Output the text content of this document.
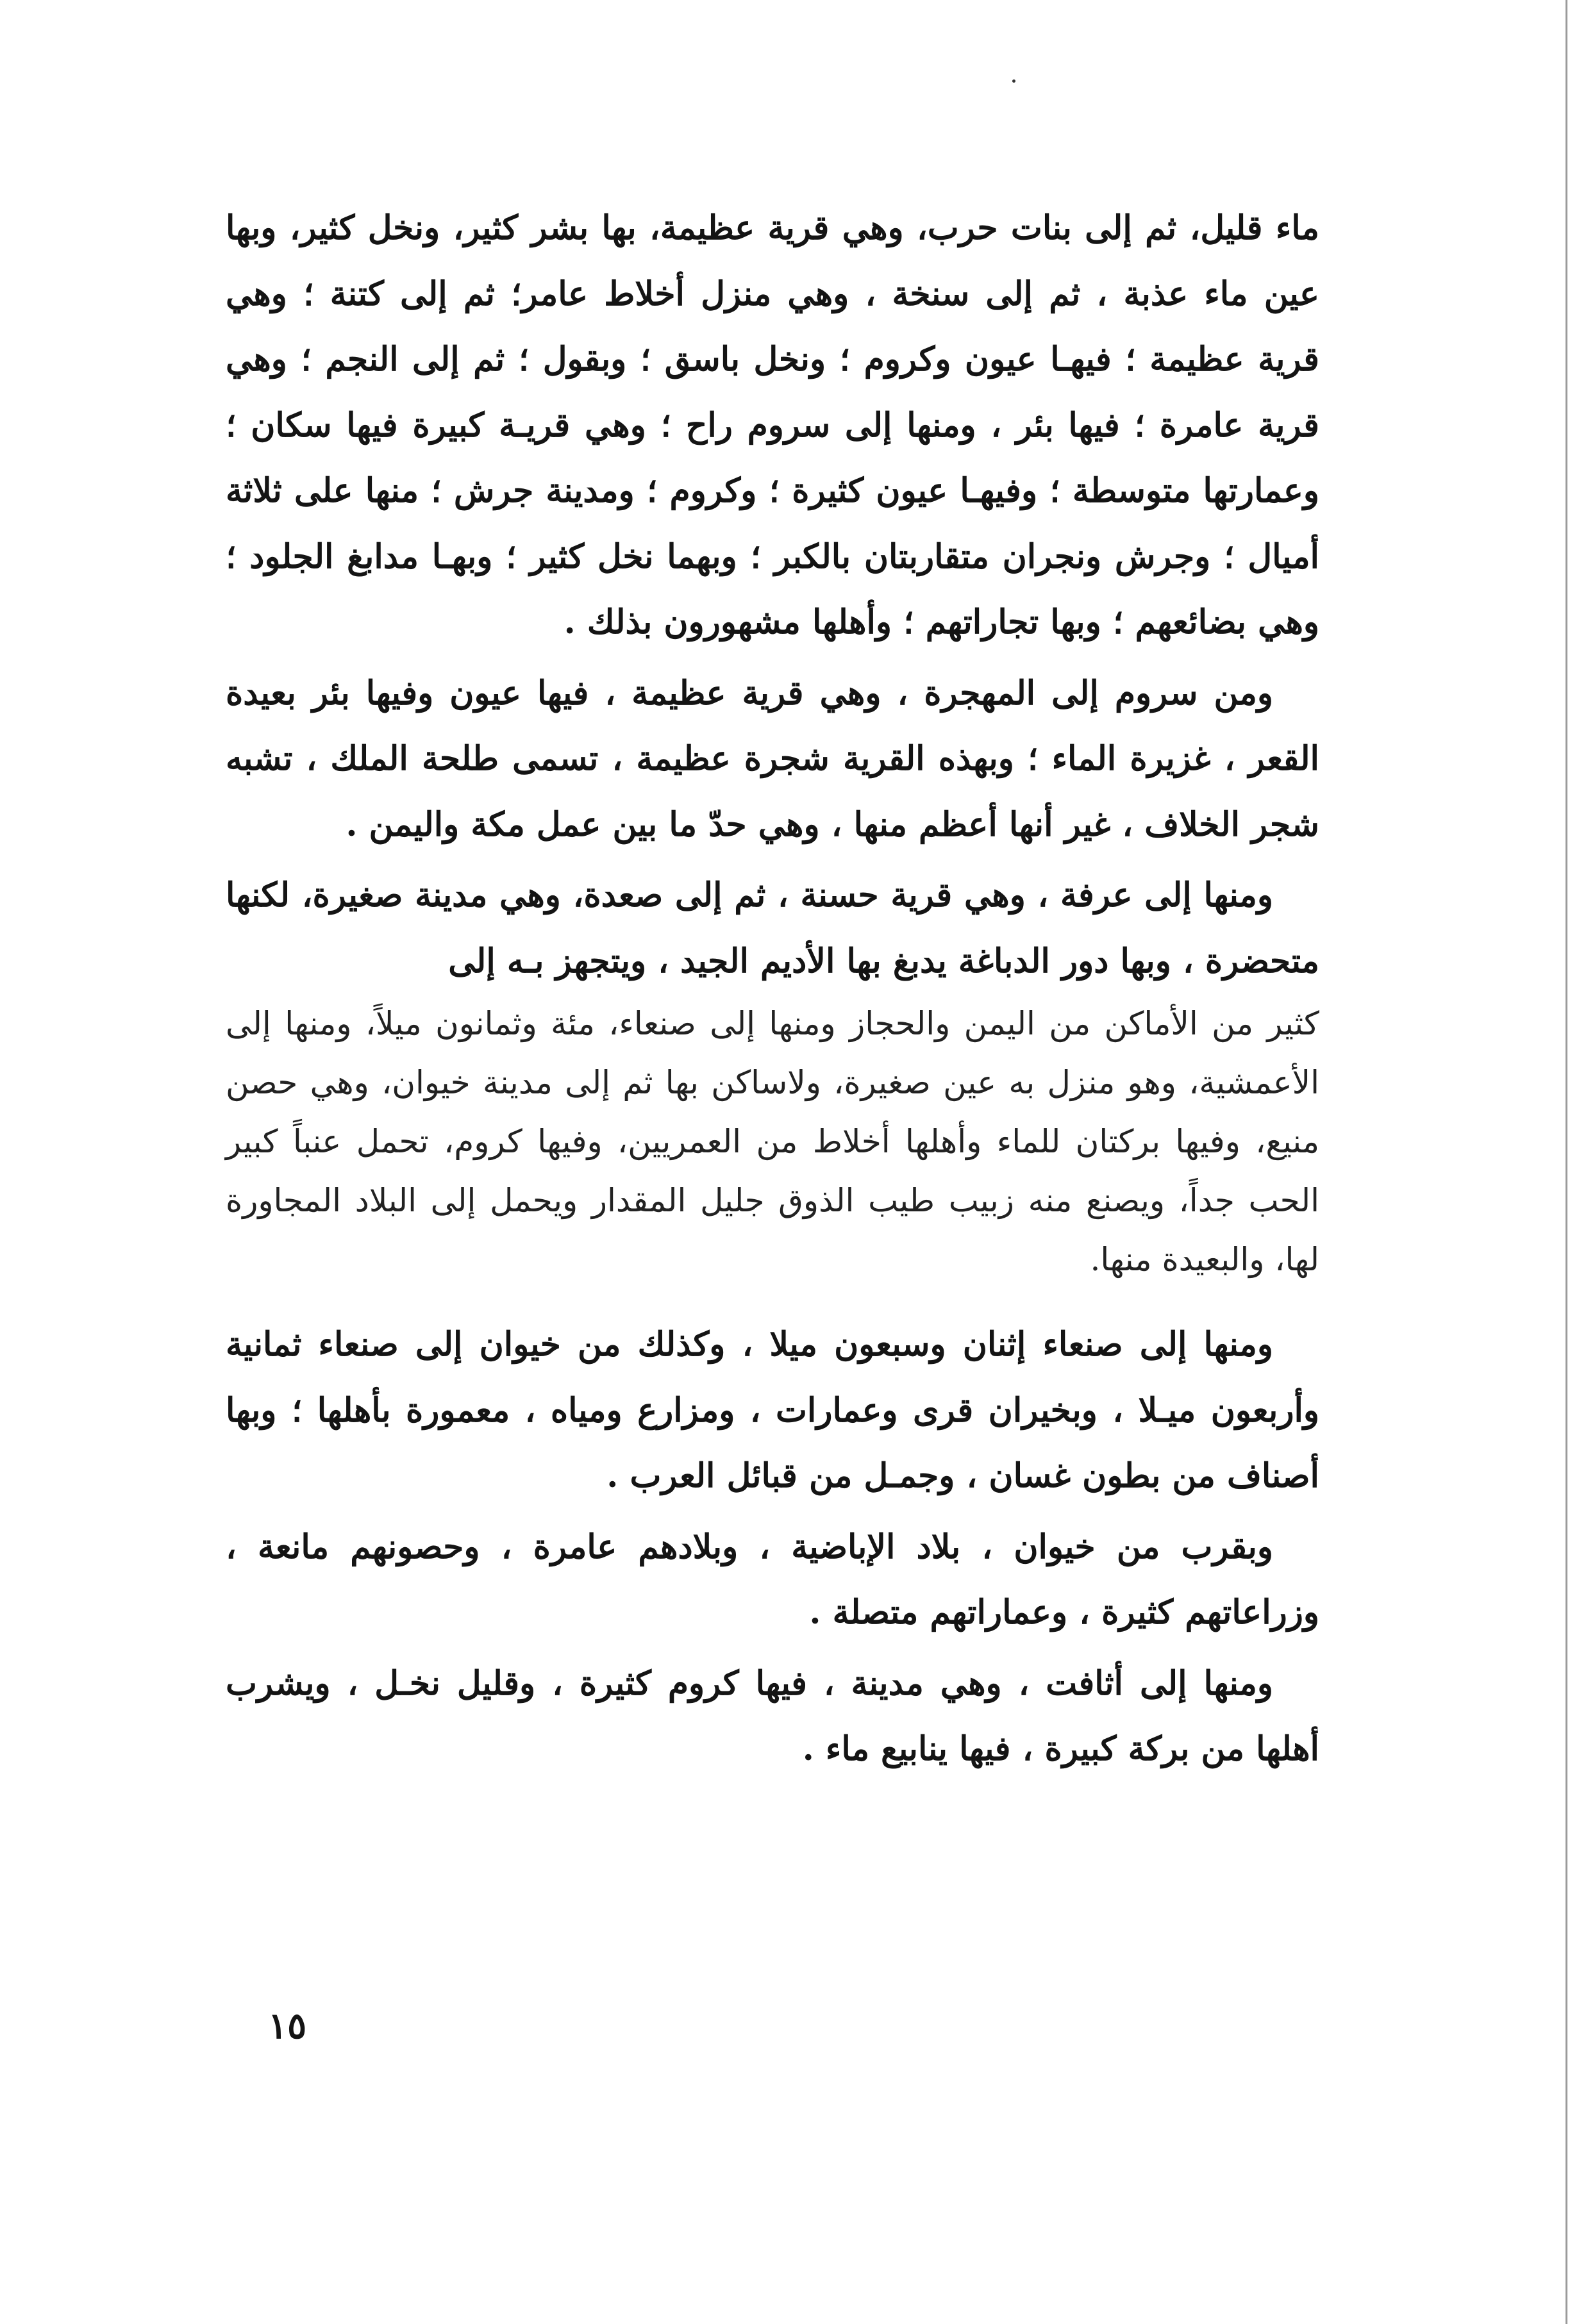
ماء قليل، ثم إلى بنات حرب، وهي قرية عظيمة، بها بشر كثير، ونخل كثير، وبها عين ماء عذبة ، ثم إلى سنخة ، وهي منزل أخلاط عامر؛ ثم إلى كتنة ؛ وهي قرية عظيمة ؛ فيهـا عيون وكروم ؛ ونخل باسق ؛ وبقول ؛ ثم إلى النجم ؛ وهي قرية عامرة ؛ فيها بئر ، ومنها إلى سروم راح ؛ وهي قريـة كبيرة فيها سكان ؛ وعمارتها متوسطة ؛ وفيهـا عيون كثيرة ؛ وكروم ؛ ومدينة جرش ؛ منها على ثلاثة أميال ؛ وجرش ونجران متقاربتان بالكبر ؛ وبهما نخل كثير ؛ وبهـا مدابغ الجلود ؛ وهي بضائعهم ؛ وبها تجاراتهم ؛ وأهلها مشهورون بذلك .

ومن سروم إلى المهجرة ، وهي قرية عظيمة ، فيها عيون وفيها بئر بعيدة القعر ، غزيرة الماء ؛ وبهذه القرية شجرة عظيمة ، تسمى طلحة الملك ، تشبه شجر الخلاف ، غير أنها أعظم منها ، وهي حدّ ما بين عمل مكة واليمن .

ومنها إلى عرفة ، وهي قرية حسنة ، ثم إلى صعدة، وهي مدينة صغيرة، لكنها متحضرة ، وبها دور الدباغة يدبغ بها الأديم الجيد ، ويتجهز بـه إلى

كثير من الأماكن من اليمن والحجاز ومنها إلى صنعاء، مئة وثمانون ميلاً، ومنها إلى الأعمشية، وهو منزل به عين صغيرة، ولاساكن بها ثم إلى مدينة خيوان، وهي حصن منيع، وفيها بركتان للماء وأهلها أخلاط من العمريين، وفيها كروم، تحمل عنباً كبير الحب جداً، ويصنع منه زبيب طيب الذوق جليل المقدار ويحمل إلى البلاد المجاورة لها، والبعيدة منها.

ومنها إلى صنعاء إثنان وسبعون ميلا ، وكذلك من خيوان إلى صنعاء ثمانية وأربعون ميـلا ، وبخيران قرى وعمارات ، ومزارع ومياه ، معمورة بأهلها ؛ وبها أصناف من بطون غسان ، وجمـل من قبائل العرب .

وبقرب من خيوان ، بلاد الإباضية ، وبلادهم عامرة ، وحصونهم مانعة ، وزراعاتهم كثيرة ، وعماراتهم متصلة .

ومنها إلى أثافت ، وهي مدينة ، فيها كروم كثيرة ، وقليل نخـل ، ويشرب أهلها من بركة كبيرة ، فيها ينابيع ماء .

١٥
